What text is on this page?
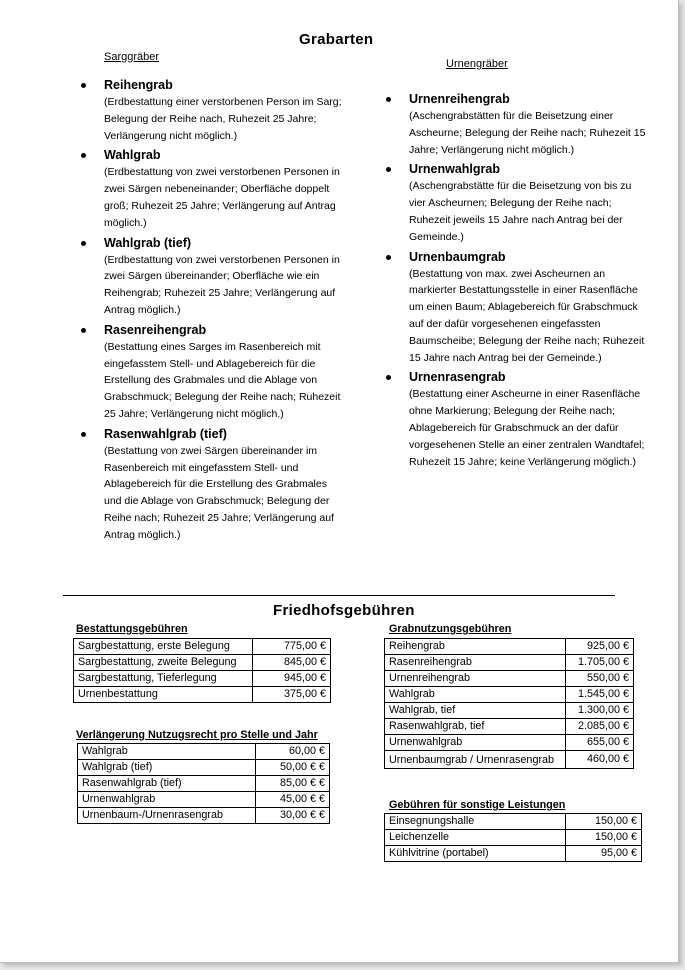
Grabarten
Sarggräber
Urnengräber
Reihengrab
(Erdbestattung einer verstorbenen Person im Sarg; Belegung der Reihe nach, Ruhezeit 25 Jahre; Verlängerung nicht möglich.)
Wahlgrab
(Erdbestattung von zwei verstorbenen Personen in zwei Särgen nebeneinander; Oberfläche doppelt groß; Ruhezeit 25 Jahre; Verlängerung auf Antrag möglich.)
Wahlgrab (tief)
(Erdbestattung von zwei verstorbenen Personen in zwei Särgen übereinander; Oberfläche wie ein Reihengrab; Ruhezeit 25 Jahre; Verlängerung auf Antrag möglich.)
Rasenreihengrab
(Bestattung eines Sarges im Rasenbereich mit eingefasstem Stell- und Ablagebereich für die Erstellung des Grabmales und die Ablage von Grabschmuck; Belegung der Reihe nach; Ruhezeit 25 Jahre; Verlängerung nicht möglich.)
Rasenwahlgrab (tief)
(Bestattung von zwei Särgen übereinander im Rasenbereich mit eingefasstem Stell- und Ablagebereich für die Erstellung des Grabmales und die Ablage von Grabschmuck; Belegung der Reihe nach; Ruhezeit 25 Jahre; Verlängerung auf Antrag möglich.)
Urnenreihengrab
(Aschengrabstätten für die Beisetzung einer Ascheurne; Belegung der Reihe nach; Ruhezeit 15 Jahre; Verlängerung nicht möglich.)
Urnenwahlgrab
(Aschengrabstätte für die Beisetzung von bis zu vier Ascheurnen; Belegung der Reihe nach; Ruhezeit jeweils 15 Jahre nach Antrag bei der Gemeinde.)
Urnenbaumgrab
(Bestattung von max. zwei Ascheurnen an markierter Bestattungsstelle in einer Rasenfläche um einen Baum; Ablagebereich für Grabschmuck auf der dafür vorgesehenen eingefassten Baumscheibe; Belegung der Reihe nach; Ruhezeit 15 Jahre nach Antrag bei der Gemeinde.)
Urnenrasengrab
(Bestattung einer Ascheurne in einer Rasenfläche ohne Markierung; Belegung der Reihe nach; Ablagebereich für Grabschmuck an der dafür vorgesehenen Stelle an einer zentralen Wandtafel; Ruhezeit 15 Jahre; keine Verlängerung möglich.)
Friedhofsgebühren
Bestattungsgebühren
Sargbestattung, erste Belegung	775,00 €
Sargbestattung, zweite Belegung	845,00 €
Sargbestattung, Tieferlegung	945,00 €
Urnenbestattung	375,00 €
Verlängerung Nutzugsrecht pro Stelle und Jahr
Wahlgrab	60,00 €
Wahlgrab (tief)	50,00 € €
Rasenwahlgrab (tief)	85,00 € €
Urnenwahlgrab	45,00 € €
Urnenbaum-/Urnenrasengrab	30,00 € €
Grabnutzungsgebühren
Reihengrab	925,00 €
Rasenreihengrab	1.705,00 €
Urnenreihengrab	550,00 €
Wahlgrab	1.545,00 €
Wahlgrab, tief	1.300,00 €
Rasenwahlgrab, tief	2.085,00 €
Urnenwahlgrab	655,00 €
Urnenbaumgrab / Urnenrasengrab	460,00 €
Gebühren für sonstige Leistungen
Einsegnungshalle	150,00 €
Leichenzelle	150,00 €
Kühlvitrine (portabel)	95,00 €
